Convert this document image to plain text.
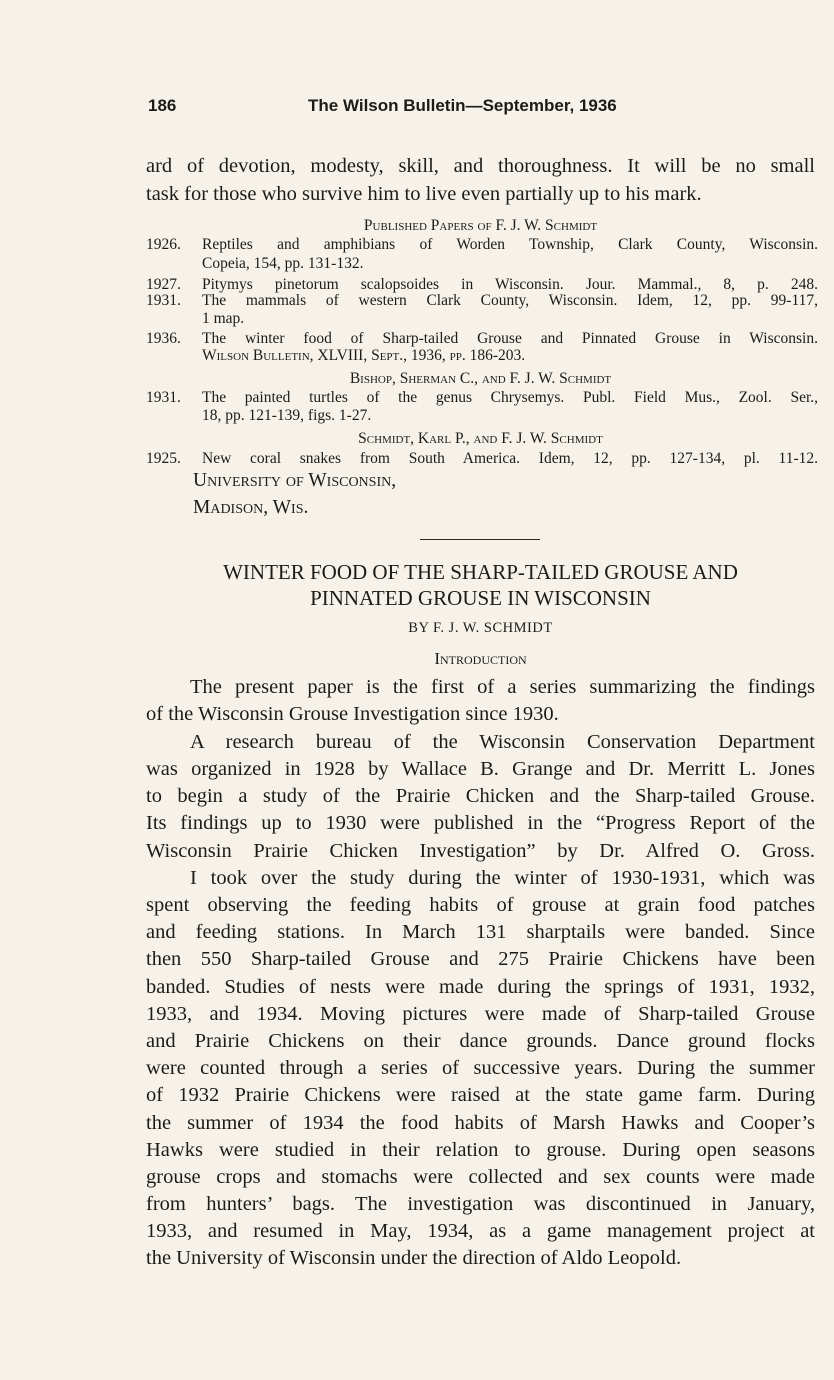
186	The Wilson Bulletin—September, 1936
ard of devotion, modesty, skill, and thoroughness. It will be no small
task for those who survive him to live even partially up to his mark.
Published Papers of F. J. W. Schmidt
1926. Reptiles and amphibians of Worden Township, Clark County, Wisconsin.
Copeia, 154, pp. 131-132.
1927. Pitymys pinetorum scalopsoides in Wisconsin. Jour. Mammal., 8, p. 248.
1931. The mammals of western Clark County, Wisconsin. Idem, 12, pp. 99-117,
1 map.
1936. The winter food of Sharp-tailed Grouse and Pinnated Grouse in Wisconsin.
Wilson Bulletin, XLVIII, Sept., 1936, pp. 186-203.
Bishop, Sherman C., and F. J. W. Schmidt
1931. The painted turtles of the genus Chrysemys. Publ. Field Mus., Zool. Ser.,
18, pp. 121-139, figs. 1-27.
Schmidt, Karl P., and F. J. W. Schmidt
1925. New coral snakes from South America. Idem, 12, pp. 127-134, pl. 11-12.
University of Wisconsin,
Madison, Wis.
WINTER FOOD OF THE SHARP-TAILED GROUSE AND
PINNATED GROUSE IN WISCONSIN
BY F. J. W. SCHMIDT
Introduction
The present paper is the first of a series summarizing the findings
of the Wisconsin Grouse Investigation since 1930.
A research bureau of the Wisconsin Conservation Department
was organized in 1928 by Wallace B. Grange and Dr. Merritt L. Jones
to begin a study of the Prairie Chicken and the Sharp-tailed Grouse.
Its findings up to 1930 were published in the “Progress Report of the
Wisconsin Prairie Chicken Investigation” by Dr. Alfred O. Gross.
I took over the study during the winter of 1930-1931, which was
spent observing the feeding habits of grouse at grain food patches
and feeding stations. In March 131 sharptails were banded. Since
then 550 Sharp-tailed Grouse and 275 Prairie Chickens have been
banded. Studies of nests were made during the springs of 1931, 1932,
1933, and 1934. Moving pictures were made of Sharp-tailed Grouse
and Prairie Chickens on their dance grounds. Dance ground flocks
were counted through a series of successive years. During the summer
of 1932 Prairie Chickens were raised at the state game farm. During
the summer of 1934 the food habits of Marsh Hawks and Cooper’s
Hawks were studied in their relation to grouse. During open seasons
grouse crops and stomachs were collected and sex counts were made
from hunters’ bags. The investigation was discontinued in January,
1933, and resumed in May, 1934, as a game management project at
the University of Wisconsin under the direction of Aldo Leopold.
